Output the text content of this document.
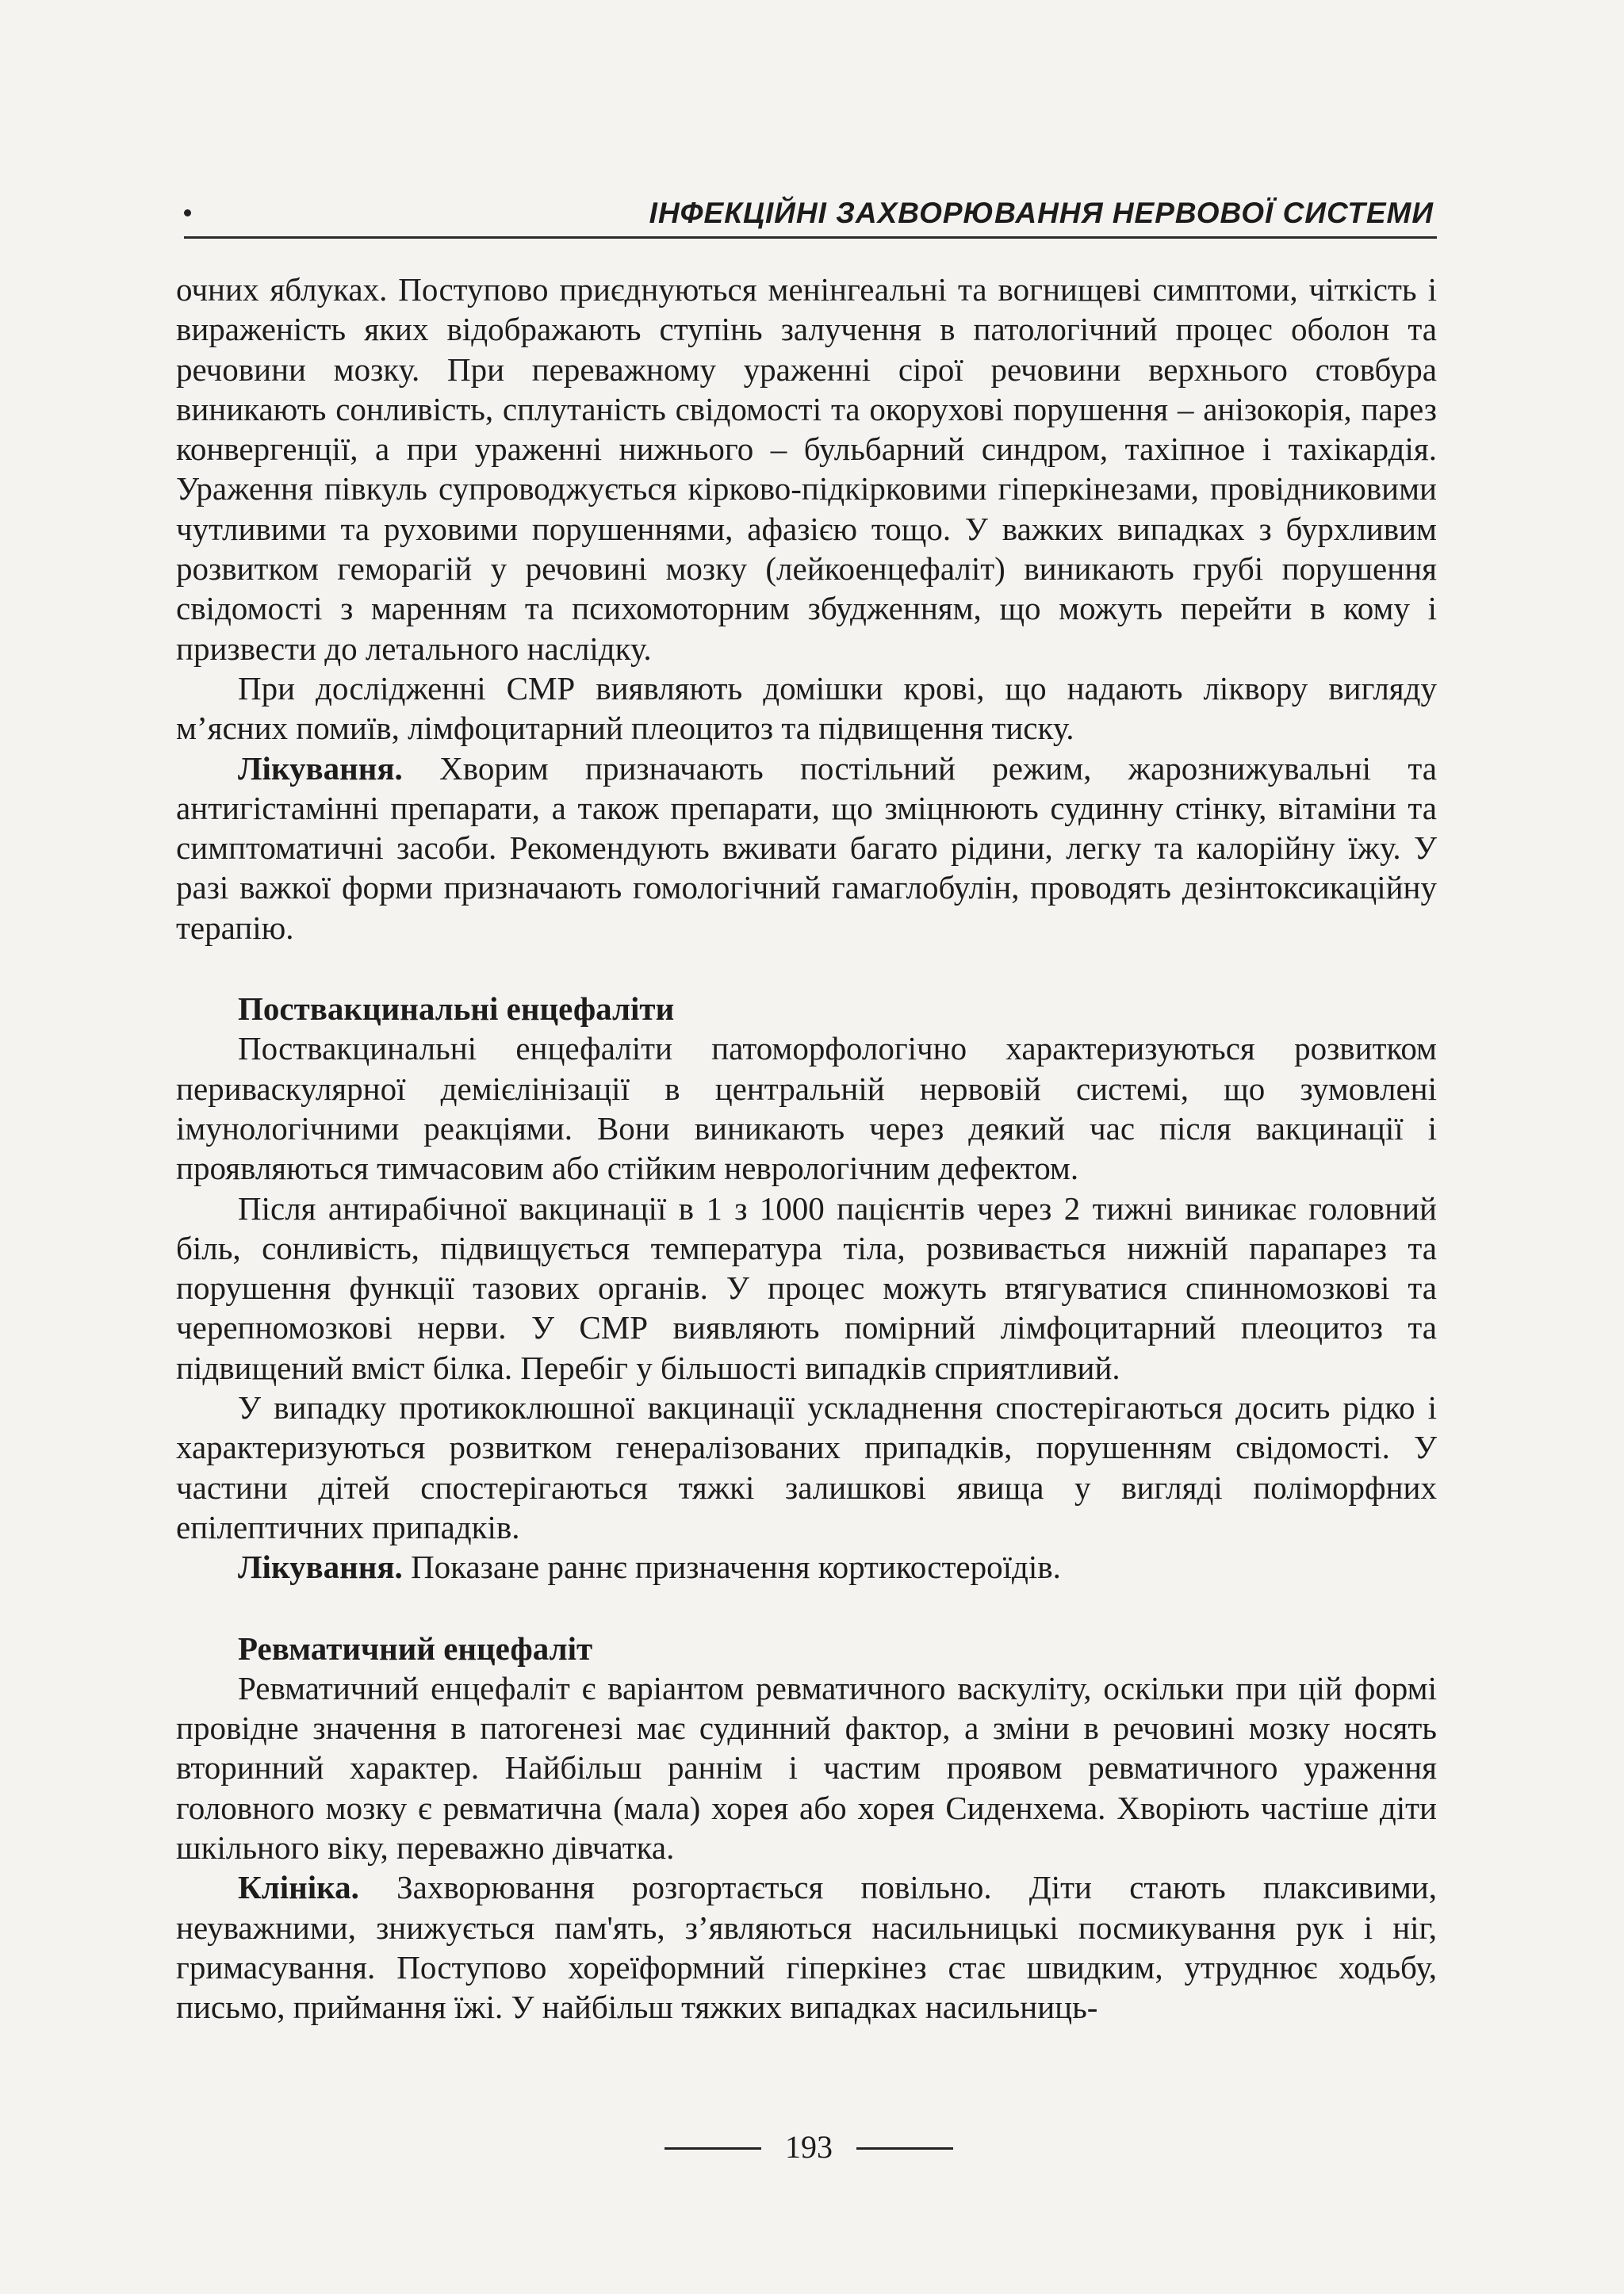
ІНФЕКЦІЙНІ ЗАХВОРЮВАННЯ НЕРВОВОЇ СИСТЕМИ

очних яблуках. Поступово приєднуються менінгеальні та вогнищеві симптоми, чіткість і вираженість яких відображають ступінь залучення в патологічний процес оболон та речовини мозку. При переважному ураженні сірої речовини верхнього стовбура виникають сонливість, сплутаність свідомості та окорухові порушення – анізокорія, парез конвергенції, а при ураженні нижнього – бульбарний синдром, тахіпное і тахікардія. Ураження півкуль супроводжується кірково-підкірковими гіперкінезами, провідниковими чутливими та руховими порушеннями, афазією тощо. У важких випадках з бурхливим розвитком геморагій у речовині мозку (лейкоенцефаліт) виникають грубі порушення свідомості з маренням та психомоторним збудженням, що можуть перейти в кому і призвести до летального наслідку.

При дослідженні СМР виявляють домішки крові, що надають ліквору вигляду м’ясних помиїв, лімфоцитарний плеоцитоз та підвищення тиску.

Лікування. Хворим призначають постільний режим, жарознижувальні та антигістамінні препарати, а також препарати, що зміцнюють судинну стінку, вітаміни та симптоматичні засоби. Рекомендують вживати багато рідини, легку та калорійну їжу. У разі важкої форми призначають гомологічний гамаглобулін, проводять дезінтоксикаційну терапію.

Поствакцинальні енцефаліти

Поствакцинальні енцефаліти патоморфологічно характеризуються розвитком периваскулярної демієлінізації в центральній нервовій системі, що зумовлені імунологічними реакціями. Вони виникають через деякий час після вакцинації і проявляються тимчасовим або стійким неврологічним дефектом.

Після антирабічної вакцинації в 1 з 1000 пацієнтів через 2 тижні виникає головний біль, сонливість, підвищується температура тіла, розвивається нижній парапарез та порушення функції тазових органів. У процес можуть втягуватися спинномозкові та черепномозкові нерви. У СМР виявляють помірний лімфоцитарний плеоцитоз та підвищений вміст білка. Перебіг у більшості випадків сприятливий.

У випадку протикоклюшної вакцинації ускладнення спостерігаються досить рідко і характеризуються розвитком генералізованих припадків, порушенням свідомості. У частини дітей спостерігаються тяжкі залишкові явища у вигляді поліморфних епілептичних припадків.

Лікування. Показане раннє призначення кортикостероїдів.

Ревматичний енцефаліт

Ревматичний енцефаліт є варіантом ревматичного васкуліту, оскільки при цій формі провідне значення в патогенезі має судинний фактор, а зміни в речовині мозку носять вторинний характер. Найбільш раннім і частим проявом ревматичного ураження головного мозку є ревматична (мала) хорея або хорея Сиденхема. Хворіють частіше діти шкільного віку, переважно дівчатка.

Клініка. Захворювання розгортається повільно. Діти стають плаксивими, неуважними, знижується пам'ять, з’являються насильницькі посмикування рук і ніг, гримасування. Поступово хореїформний гіперкінез стає швидким, утруднює ходьбу, письмо, приймання їжі. У найбільш тяжких випадках насильниць-

193
